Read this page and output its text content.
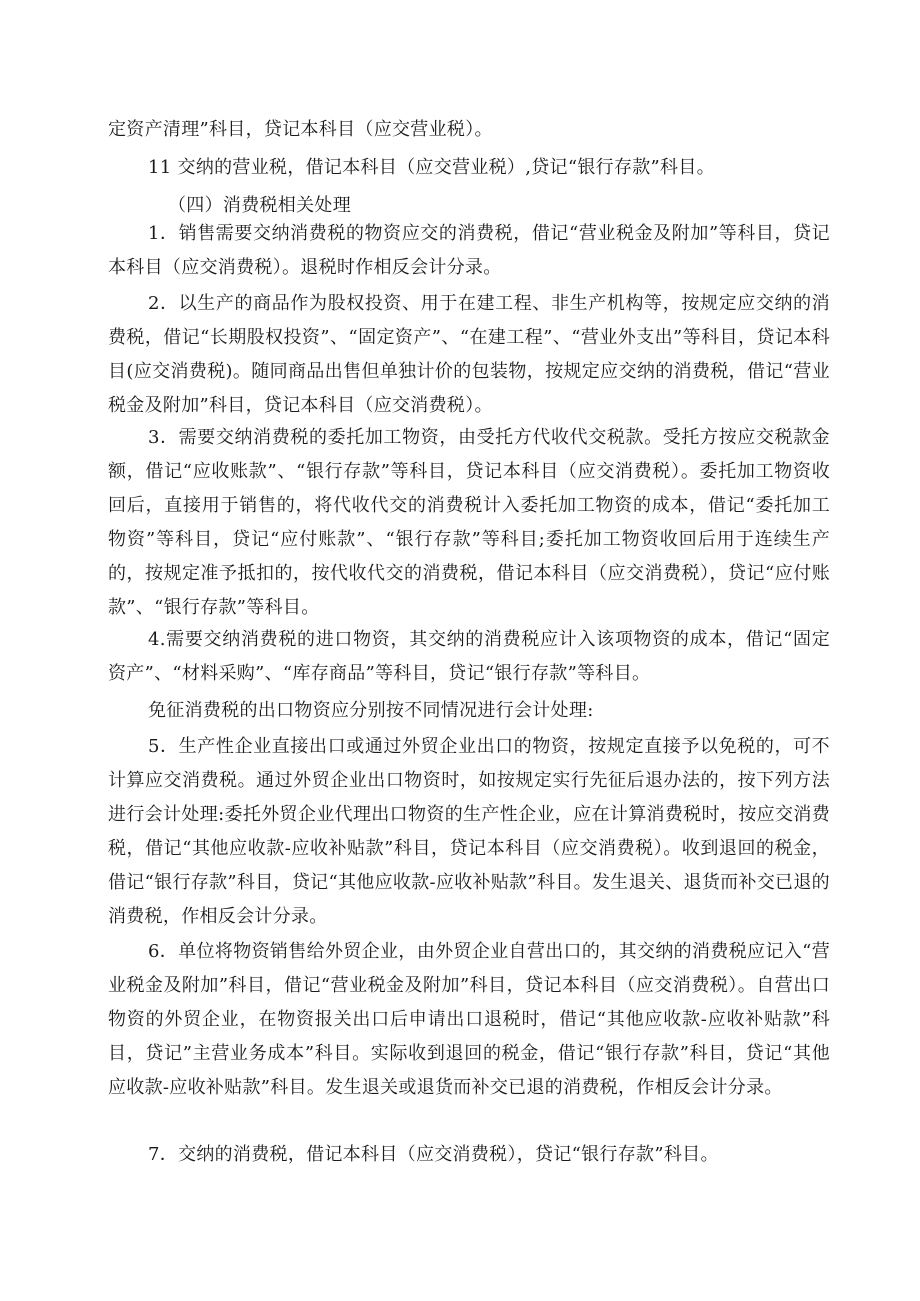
定资产清理”科目，贷记本科目（应交营业税）。

11 交纳的营业税，借记本科目（应交营业税）,贷记“银行存款”科目。

（四）消费税相关处理

1．销售需要交纳消费税的物资应交的消费税，借记“营业税金及附加”等科目，贷记本科目（应交消费税）。退税时作相反会计分录。

2．以生产的商品作为股权投资、用于在建工程、非生产机构等，按规定应交纳的消费税，借记“长期股权投资”、“固定资产”、“在建工程”、“营业外支出”等科目，贷记本科目(应交消费税)。随同商品出售但单独计价的包装物，按规定应交纳的消费税，借记“营业税金及附加”科目，贷记本科目（应交消费税）。

3．需要交纳消费税的委托加工物资，由受托方代收代交税款。受托方按应交税款金额，借记“应收账款”、“银行存款”等科目，贷记本科目（应交消费税）。委托加工物资收回后，直接用于销售的，将代收代交的消费税计入委托加工物资的成本，借记“委托加工物资”等科目，贷记“应付账款”、“银行存款”等科目;委托加工物资收回后用于连续生产的，按规定准予抵扣的，按代收代交的消费税，借记本科目（应交消费税），贷记“应付账款”、“银行存款”等科目。

4.需要交纳消费税的进口物资，其交纳的消费税应计入该项物资的成本，借记“固定资产”、“材料采购”、“库存商品”等科目，贷记“银行存款”等科目。

免征消费税的出口物资应分别按不同情况进行会计处理:

5．生产性企业直接出口或通过外贸企业出口的物资，按规定直接予以免税的，可不计算应交消费税。通过外贸企业出口物资时，如按规定实行先征后退办法的，按下列方法进行会计处理:委托外贸企业代理出口物资的生产性企业，应在计算消费税时，按应交消费税，借记“其他应收款-应收补贴款”科目，贷记本科目（应交消费税）。收到退回的税金，借记“银行存款”科目，贷记“其他应收款-应收补贴款”科目。发生退关、退货而补交已退的消费税，作相反会计分录。

6．单位将物资销售给外贸企业，由外贸企业自营出口的，其交纳的消费税应记入“营业税金及附加”科目，借记“营业税金及附加”科目，贷记本科目（应交消费税）。自营出口物资的外贸企业，在物资报关出口后申请出口退税时，借记“其他应收款-应收补贴款”科目，贷记”主营业务成本”科目。实际收到退回的税金，借记“银行存款”科目，贷记“其他应收款-应收补贴款”科目。发生退关或退货而补交已退的消费税，作相反会计分录。

7．交纳的消费税，借记本科目（应交消费税），贷记“银行存款”科目。
